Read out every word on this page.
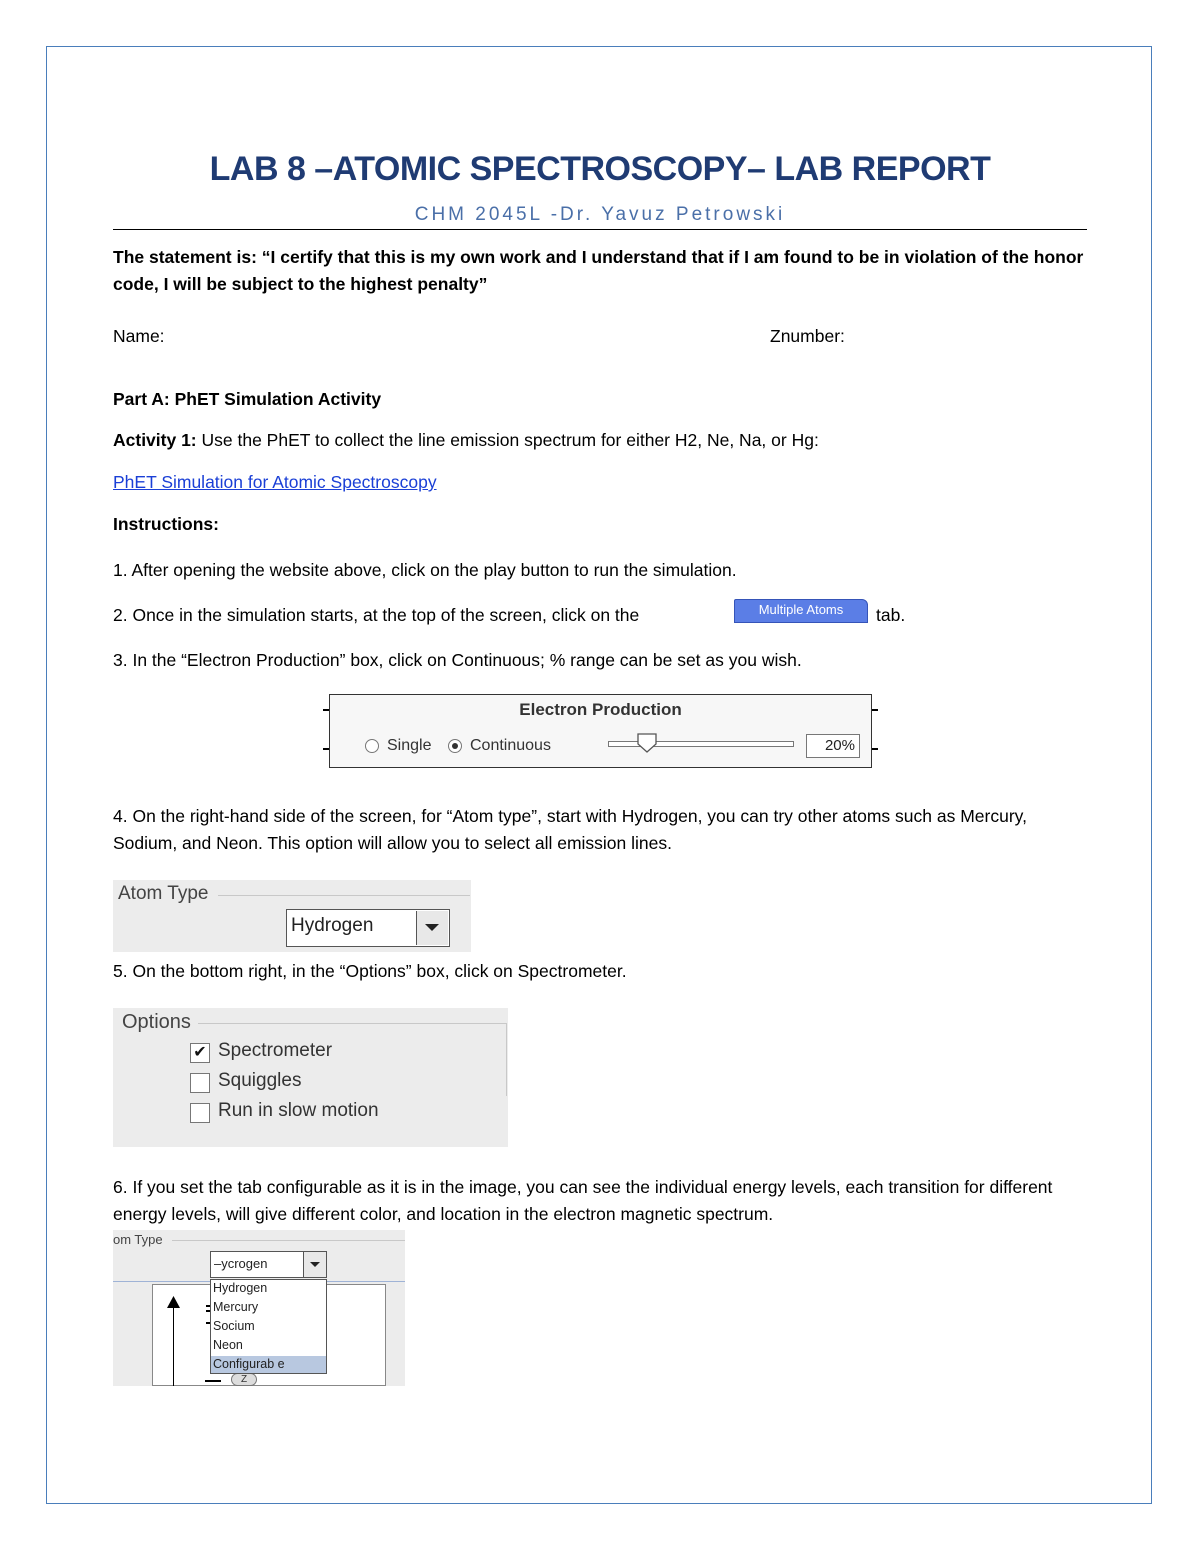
LAB 8 –ATOMIC SPECTROSCOPY– LAB REPORT
CHM 2045L -Dr. Yavuz Petrowski
The statement is: “I certify that this is my own work and I understand that if I am found to be in violation of the honor code, I will be subject to the highest penalty”
Name:	Znumber:
Part A: PhET Simulation Activity
Activity 1: Use the PhET to collect the line emission spectrum for either H2, Ne, Na, or Hg:
PhET Simulation for Atomic Spectroscopy
Instructions:
1. After opening the website above, click on the play button to run the simulation.
2. Once in the simulation starts, at the top of the screen, click on the	Multiple Atoms	tab.
3. In the “Electron Production” box, click on Continuous; % range can be set as you wish.
Electron Production
Single Continuous	20%
4. On the right-hand side of the screen, for “Atom type”, start with Hydrogen, you can try other atoms such as Mercury, Sodium, and Neon. This option will allow you to select all emission lines.
Atom Type
Hydrogen
5. On the bottom right, in the “Options” box, click on Spectrometer.
Options
✔ Spectrometer
Squiggles
Run in slow motion
6. If you set the tab configurable as it is in the image, you can see the individual energy levels, each transition for different energy levels, will give different color, and location in the electron magnetic spectrum.
om Type
Z
–ycrogen
Hydrogen
Mercury
Socium
Neon
Configurab e
